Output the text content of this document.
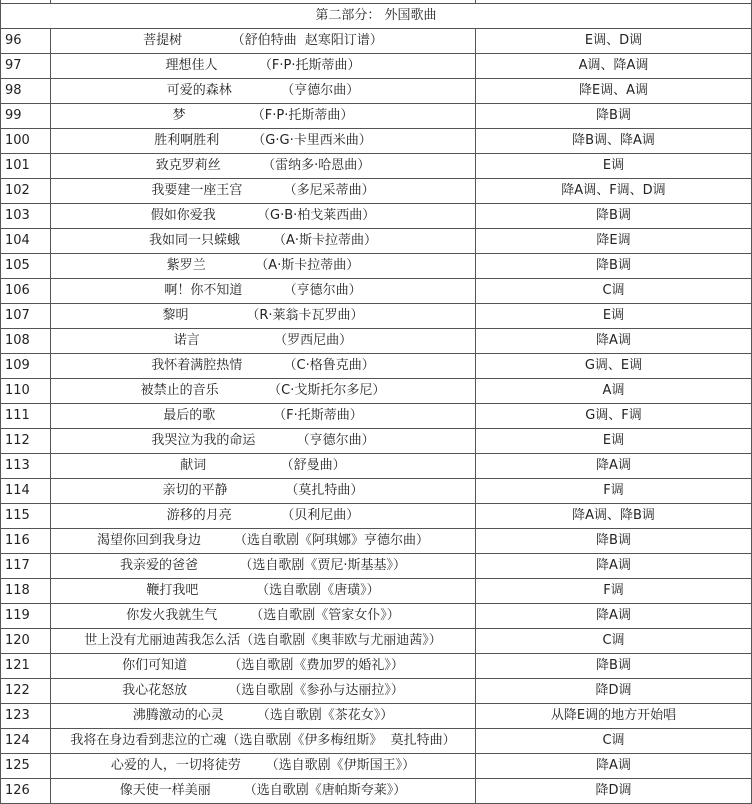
第二部分： 外国歌曲		
96	菩提树            （舒伯特曲  赵寒阳订谱）	E调、D调
97	理想佳人          （F·P·托斯蒂曲）	A调、降A调
98	可爱的森林            （亨德尔曲）	降E调、A调
99	梦                （F·P·托斯蒂曲）	降B调
100	胜利啊胜利        （G·G·卡里西米曲）	降B调、降A调
101	致克罗莉丝          （雷纳多·哈恩曲）	E调
102	我要建一座王宫          （多尼采蒂曲）	降A调、F调、D调
103	假如你爱我          （G·B·柏戈莱西曲）	降B调
104	我如同一只蝾蛾        （A·斯卡拉蒂曲）	降E调
105	紫罗兰            （A·斯卡拉蒂曲）	降B调
106	啊！你不知道          （亨德尔曲）	C调
107	黎明              （R·莱翁卡瓦罗曲）	E调
108	诺言                  （罗西尼曲）	降A调
109	我怀着满腔热情          （C·格鲁克曲）	G调、E调
110	被禁止的音乐            （C·戈斯托尔多尼）	A调
111	最后的歌              （F·托斯蒂曲）	G调、F调
112	我哭泣为我的命运          （亨德尔曲）	E调
113	献词                  （舒曼曲）	降A调
114	亲切的平静              （莫扎特曲）	F调
115	游移的月亮            （贝利尼曲）	降A调、降B调
116	渴望你回到我身边        （选自歌剧《阿琪娜》亨德尔曲）	降B调
117	我亲爱的爸爸          （选自歌剧《贾尼·斯基基》）	降A调
118	鞭打我吧              （选自歌剧《唐璜》）	F调
119	你发火我就生气        （选自歌剧《管家女仆》）	降A调
120	世上没有尤丽迪茜我怎么活（选自歌剧《奥菲欧与尤丽迪茜》）	C调
121	你们可知道          （选自歌剧《费加罗的婚礼》）	降B调
122	我心花怒放          （选自歌剧《参孙与达丽拉》）	降D调
123	沸腾激动的心灵        （选自歌剧《茶花女》）	从降E调的地方开始唱
124	我将在身边看到悲泣的亡魂（选自歌剧《伊多梅纽斯》  莫扎特曲）	C调
125	心爱的人，一切将徒劳      （选自歌剧《伊斯国王》）	降A调
126	像天使一样美丽        （选自歌剧《唐帕斯夸莱》）	降D调
